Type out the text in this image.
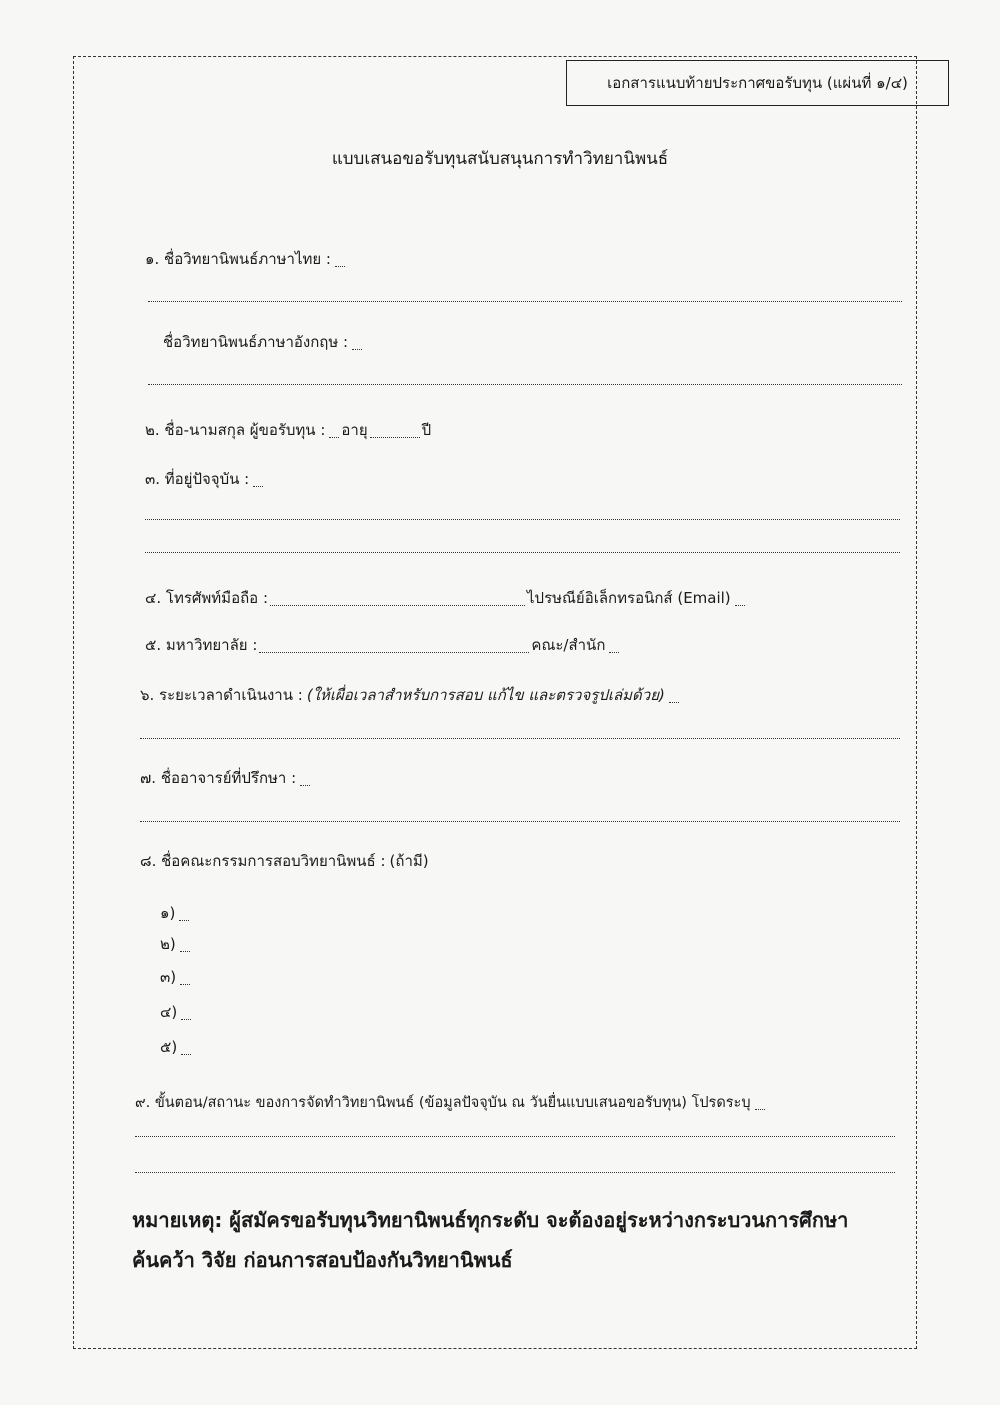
เอกสารแนบท้ายประกาศขอรับทุน (แผ่นที่ ๑/๔)
แบบเสนอขอรับทุนสนับสนุนการทำวิทยานิพนธ์
๑. ชื่อวิทยานิพนธ์ภาษาไทย :
ชื่อวิทยานิพนธ์ภาษาอังกฤษ :
๒. ชื่อ-นามสกุล ผู้ขอรับทุน : อายุ	ปี
๓. ที่อยู่ปัจจุบัน :
๔. โทรศัพท์มือถือ :	ไปรษณีย์อิเล็กทรอนิกส์ (Email)
๕. มหาวิทยาลัย :	คณะ/สำนัก
๖. ระยะเวลาดำเนินงาน : (ให้เผื่อเวลาสำหรับการสอบ แก้ไข และตรวจรูปเล่มด้วย)
๗. ชื่ออาจารย์ที่ปรึกษา :
๘. ชื่อคณะกรรมการสอบวิทยานิพนธ์ : (ถ้ามี)
๑)
๒)
๓)
๔)
๕)
๙. ขั้นตอน/สถานะ ของการจัดทำวิทยานิพนธ์ (ข้อมูลปัจจุบัน ณ วันยื่นแบบเสนอขอรับทุน) โปรดระบุ
หมายเหตุ: ผู้สมัครขอรับทุนวิทยานิพนธ์ทุกระดับ จะต้องอยู่ระหว่างกระบวนการศึกษา
ค้นคว้า วิจัย ก่อนการสอบป้องกันวิทยานิพนธ์
